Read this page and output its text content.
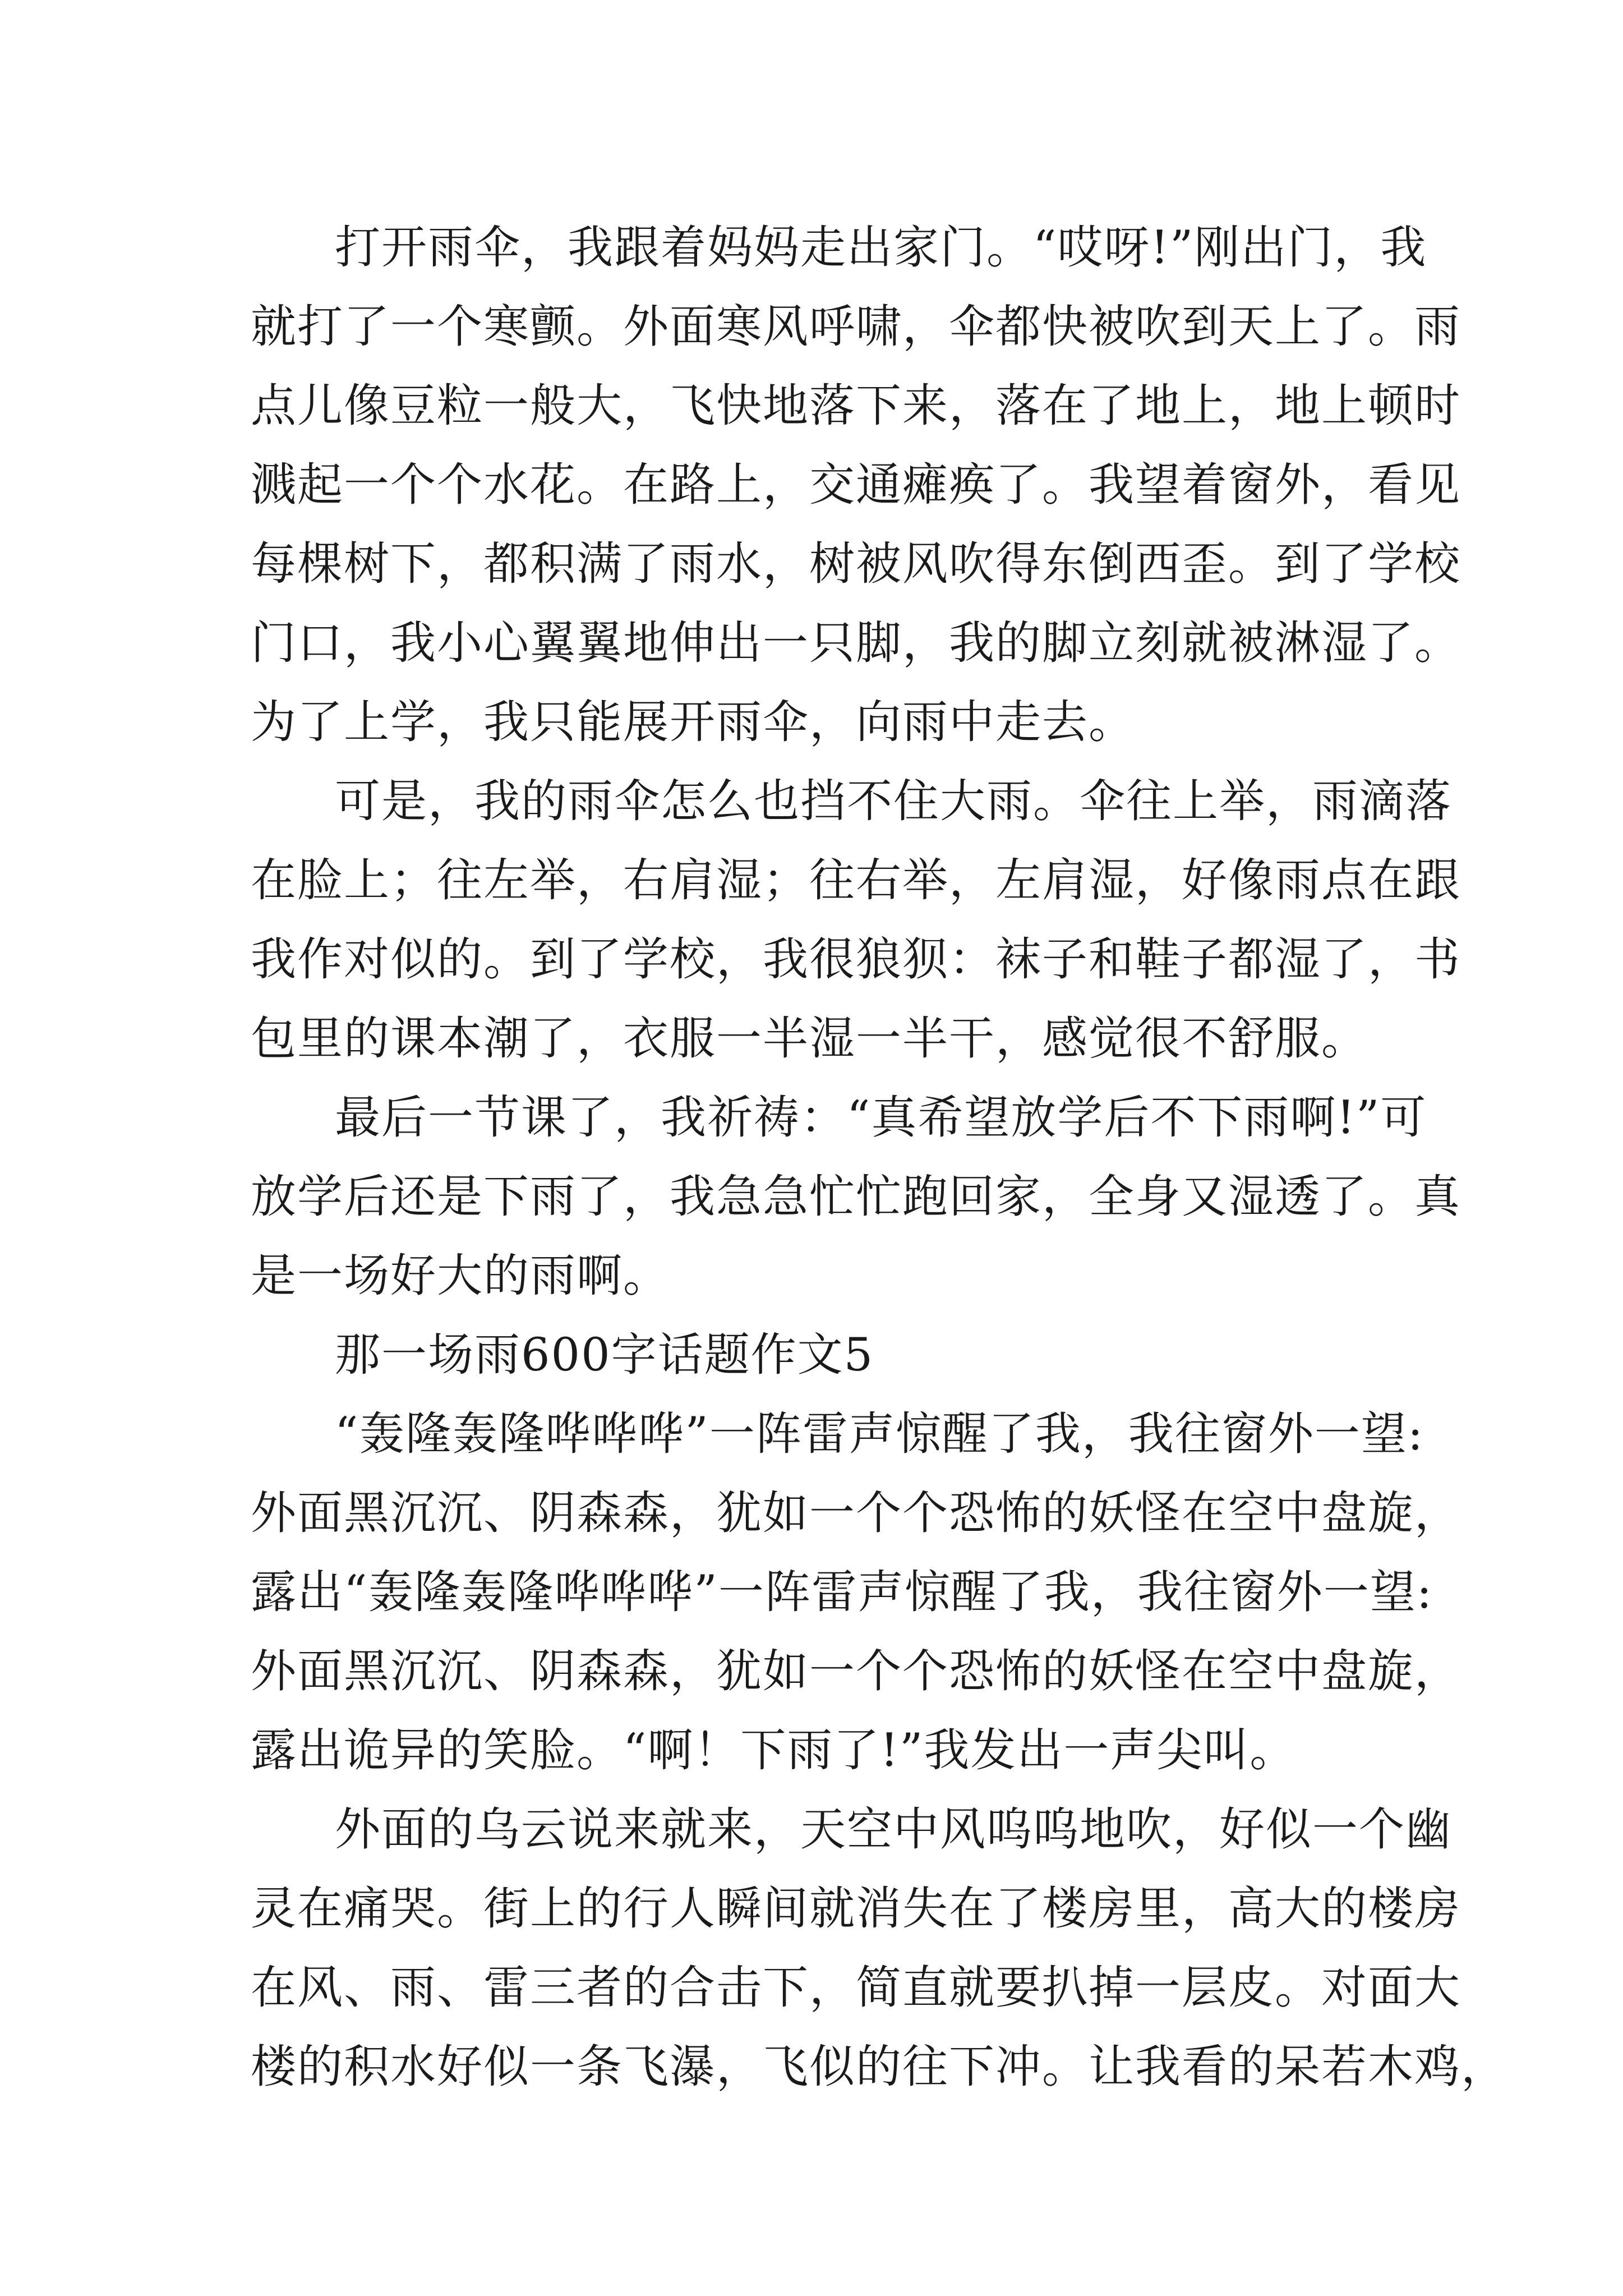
打开雨伞，我跟着妈妈走出家门。“哎呀!”刚出门，我
就打了一个寒颤。外面寒风呼啸，伞都快被吹到天上了。雨
点儿像豆粒一般大，飞快地落下来，落在了地上，地上顿时
溅起一个个水花。在路上，交通瘫痪了。我望着窗外，看见
每棵树下，都积满了雨水，树被风吹得东倒西歪。到了学校
门口，我小心翼翼地伸出一只脚，我的脚立刻就被淋湿了。
为了上学，我只能展开雨伞，向雨中走去。
可是，我的雨伞怎么也挡不住大雨。伞往上举，雨滴落
在脸上；往左举，右肩湿；往右举，左肩湿，好像雨点在跟
我作对似的。到了学校，我很狼狈：袜子和鞋子都湿了，书
包里的课本潮了，衣服一半湿一半干，感觉很不舒服。
最后一节课了，我祈祷：“真希望放学后不下雨啊!”可
放学后还是下雨了，我急急忙忙跑回家，全身又湿透了。真
是一场好大的雨啊。
那一场雨600字话题作文5
“轰隆轰隆哗哗哗”一阵雷声惊醒了我，我往窗外一望:
外面黑沉沉、阴森森，犹如一个个恐怖的妖怪在空中盘旋，
露出“轰隆轰隆哗哗哗”一阵雷声惊醒了我，我往窗外一望:
外面黑沉沉、阴森森，犹如一个个恐怖的妖怪在空中盘旋，
露出诡异的笑脸。“啊！下雨了!”我发出一声尖叫。
外面的乌云说来就来，天空中风呜呜地吹，好似一个幽
灵在痛哭。街上的行人瞬间就消失在了楼房里，高大的楼房
在风、雨、雷三者的合击下，简直就要扒掉一层皮。对面大
楼的积水好似一条飞瀑，飞似的往下冲。让我看的呆若木鸡，
